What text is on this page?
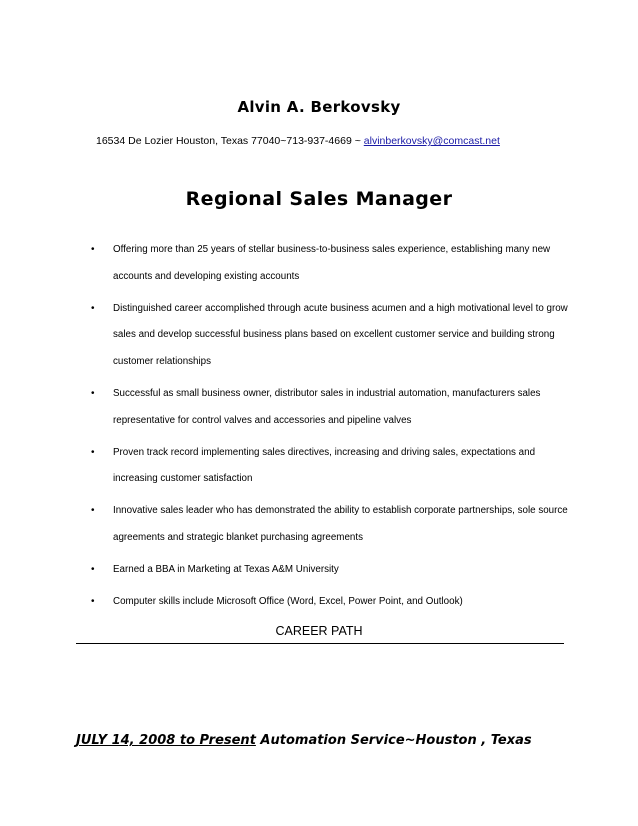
Alvin A. Berkovsky
16534 De Lozier Houston, Texas 77040~713-937-4669 ~ alvinberkovsky@comcast.net
Regional Sales Manager
• Offering more than 25 years of stellar business-to-business sales experience, establishing many new accounts and developing existing accounts
• Distinguished career accomplished through acute business acumen and a high motivational level to grow sales and develop successful business plans based on excellent customer service and building strong customer relationships
• Successful as small business owner, distributor sales in industrial automation, manufacturers sales representative for control valves and accessories and pipeline valves
• Proven track record implementing sales directives, increasing and driving sales, expectations and increasing customer satisfaction
• Innovative sales leader who has demonstrated the ability to establish corporate partnerships, sole source agreements and strategic blanket purchasing agreements
• Earned a BBA in Marketing at Texas A&M University
• Computer skills include Microsoft Office (Word, Excel, Power Point, and Outlook)
CAREER PATH
JULY 14, 2008 to Present Automation Service~Houston , Texas
